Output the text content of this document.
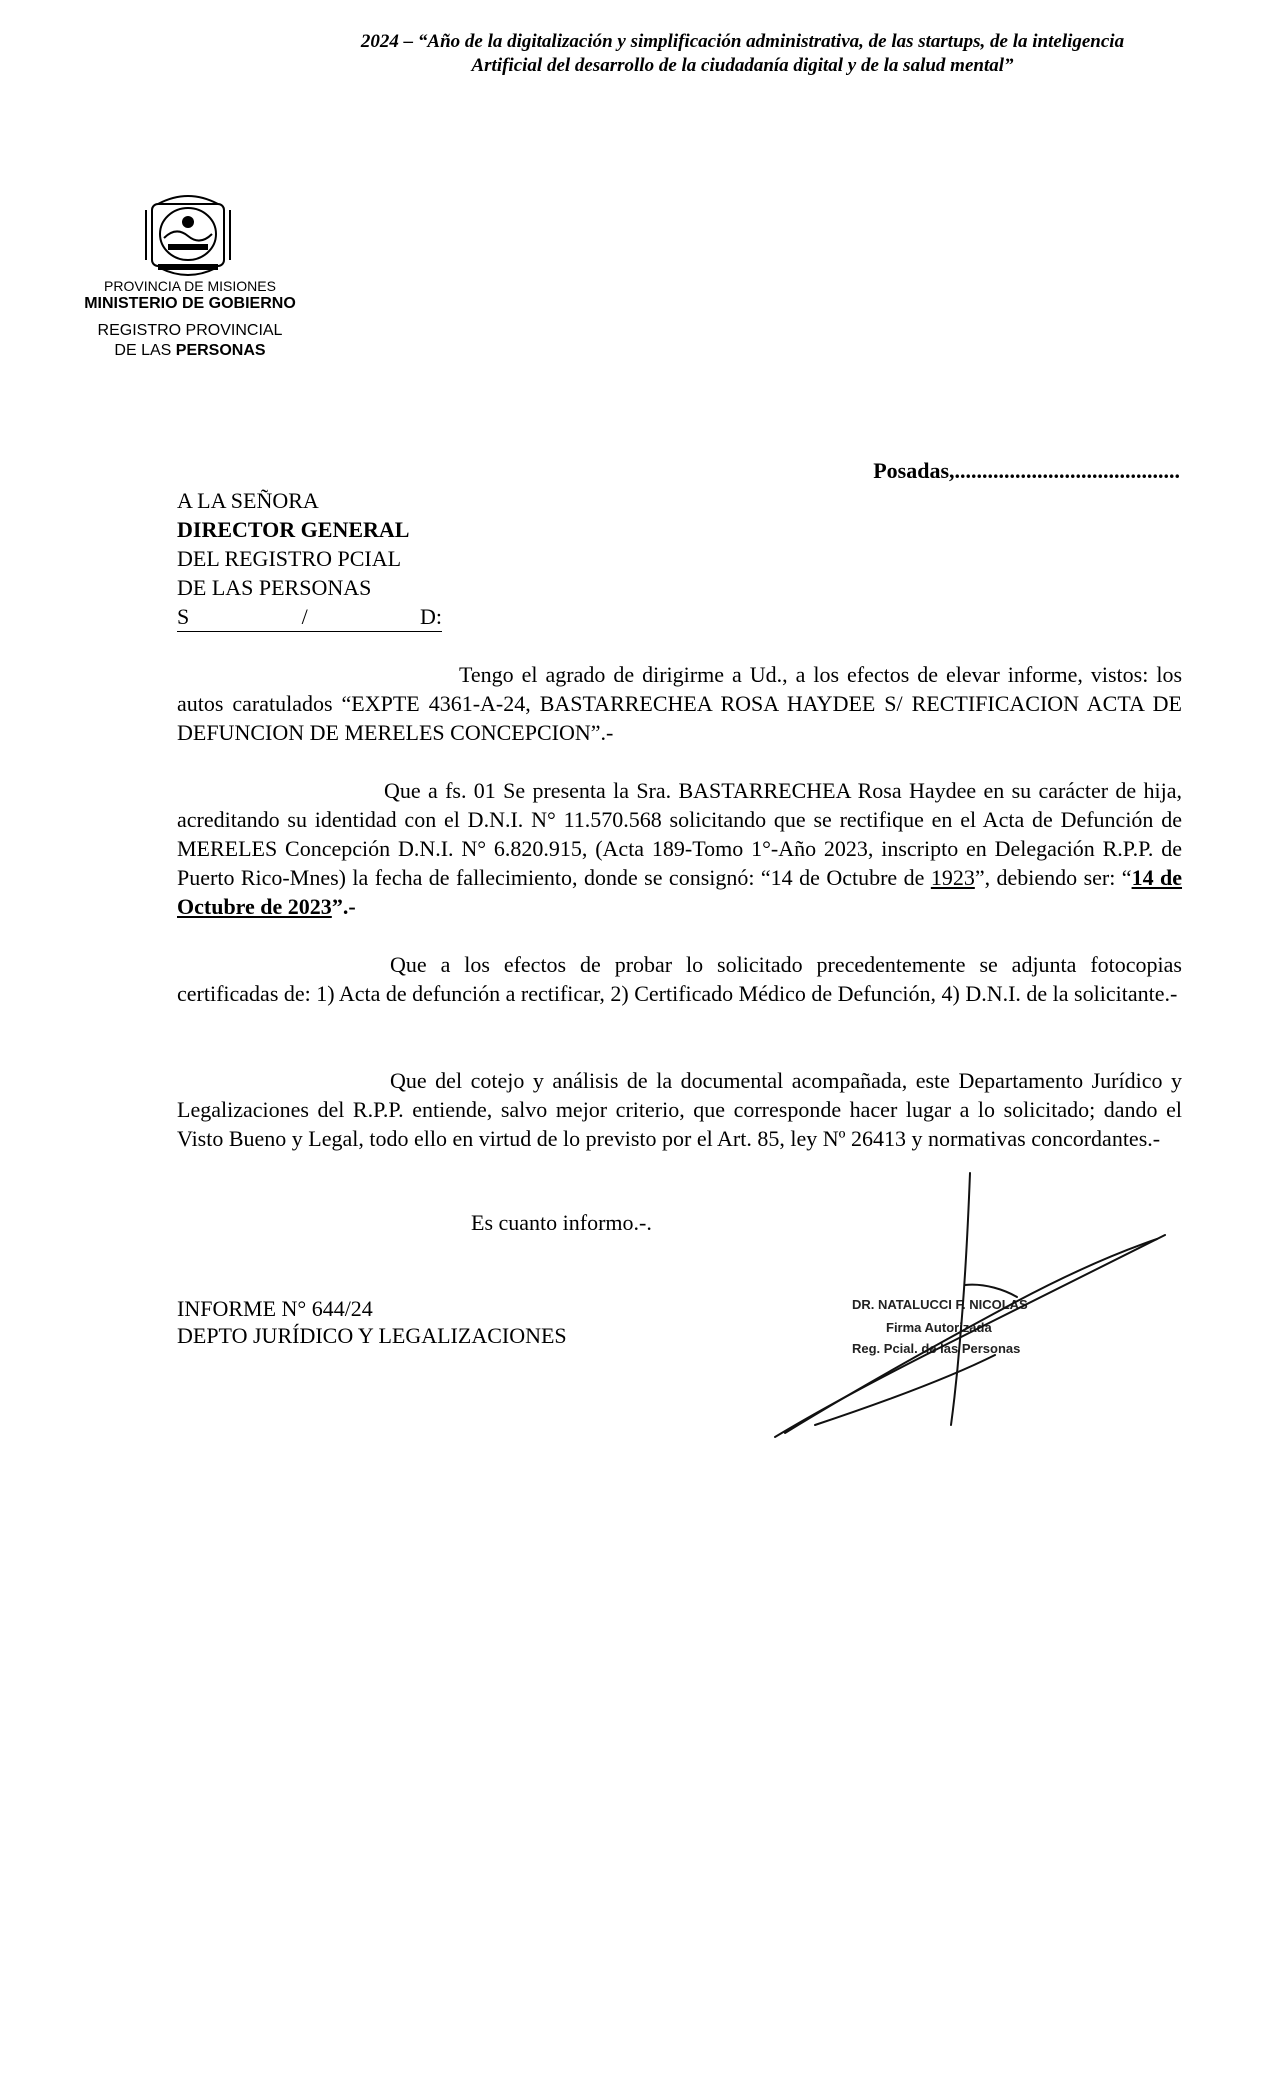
2024 – “Año de la digitalización y simplificación administrativa, de las startups, de la inteligencia
Artificial del desarrollo de la ciudadanía digital y de la salud mental”
PROVINCIA DE MISIONES
MINISTERIO DE GOBIERNO
REGISTRO PROVINCIAL
DE LAS PERSONAS
Posadas,.........................................
A LA SEÑORA
DIRECTOR GENERAL
DEL REGISTRO PCIAL
DE LAS PERSONAS
S	/	D:

Tengo el agrado de dirigirme a Ud., a los efectos de elevar informe, vistos: los autos caratulados “EXPTE 4361-A-24, BASTARRECHEA ROSA HAYDEE S/ RECTIFICACION ACTA DE DEFUNCION DE MERELES CONCEPCION”.-

Que a fs. 01 Se presenta la Sra. BASTARRECHEA Rosa Haydee en su carácter de hija, acreditando su identidad con el D.N.I. N° 11.570.568 solicitando que se rectifique en el Acta de Defunción de MERELES Concepción D.N.I. N° 6.820.915, (Acta 189-Tomo 1°-Año 2023, inscripto en Delegación R.P.P. de Puerto Rico-Mnes) la fecha de fallecimiento, donde se consignó: “14 de Octubre de 1923”, debiendo ser: “14 de Octubre de 2023”.-

Que a los efectos de probar lo solicitado precedentemente se adjunta fotocopias certificadas de: 1) Acta de defunción a rectificar, 2) Certificado Médico de Defunción, 4) D.N.I. de la solicitante.-

Que del cotejo y análisis de la documental acompañada, este Departamento Jurídico y Legalizaciones del R.P.P. entiende, salvo mejor criterio, que corresponde hacer lugar a lo solicitado; dando el Visto Bueno y Legal, todo ello en virtud de lo previsto por el Art. 85, ley Nº 26413 y normativas concordantes.-

Es cuanto informo.-.
INFORME N° 644/24
DEPTO JURÍDICO Y LEGALIZACIONES
DR. NATALUCCI F. NICOLAS
Firma Autorizada
Reg. Pcial. de las Personas
